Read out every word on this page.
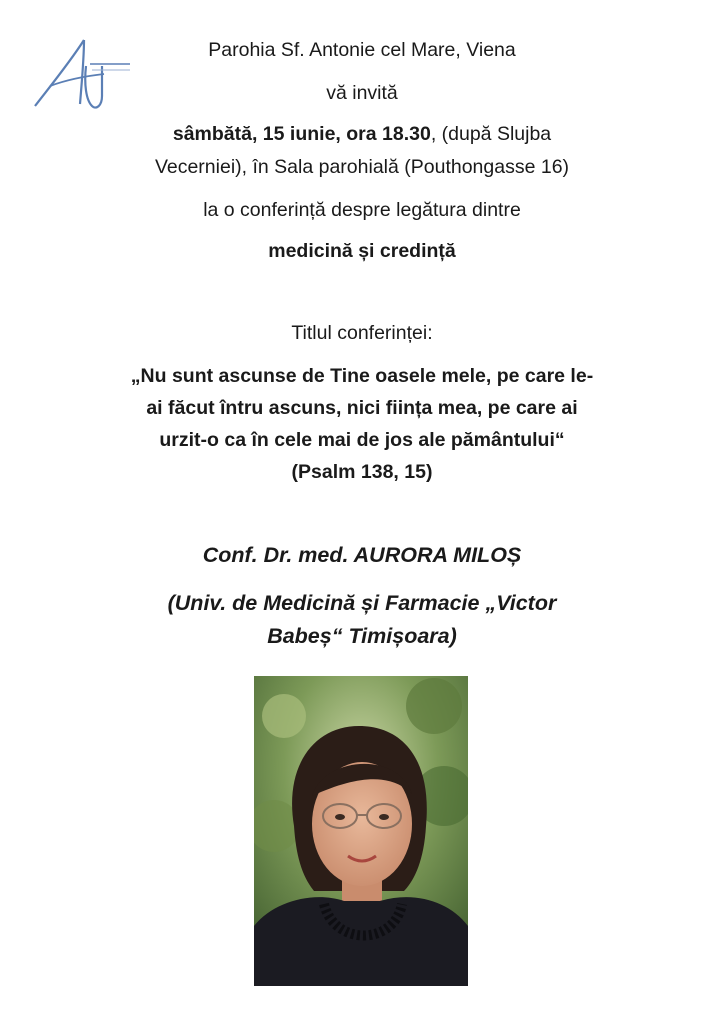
Parohia Sf. Antonie cel Mare, Viena
vă invită
sâmbătă, 15 iunie, ora 18.30, (după Slujba
Vecerniei), în Sala parohială (Pouthongasse 16)
la o conferință despre legătura dintre
medicină și credință
Titlul conferinței:
„Nu sunt ascunse de Tine oasele mele, pe care le-
ai făcut întru ascuns, nici ființa mea, pe care ai
urzit-o ca în cele mai de jos ale pământului“
(Psalm 138, 15)
Conf. Dr. med. AURORA MILOȘ
(Univ. de Medicină și Farmacie „Victor
Babeș“ Timișoara)
